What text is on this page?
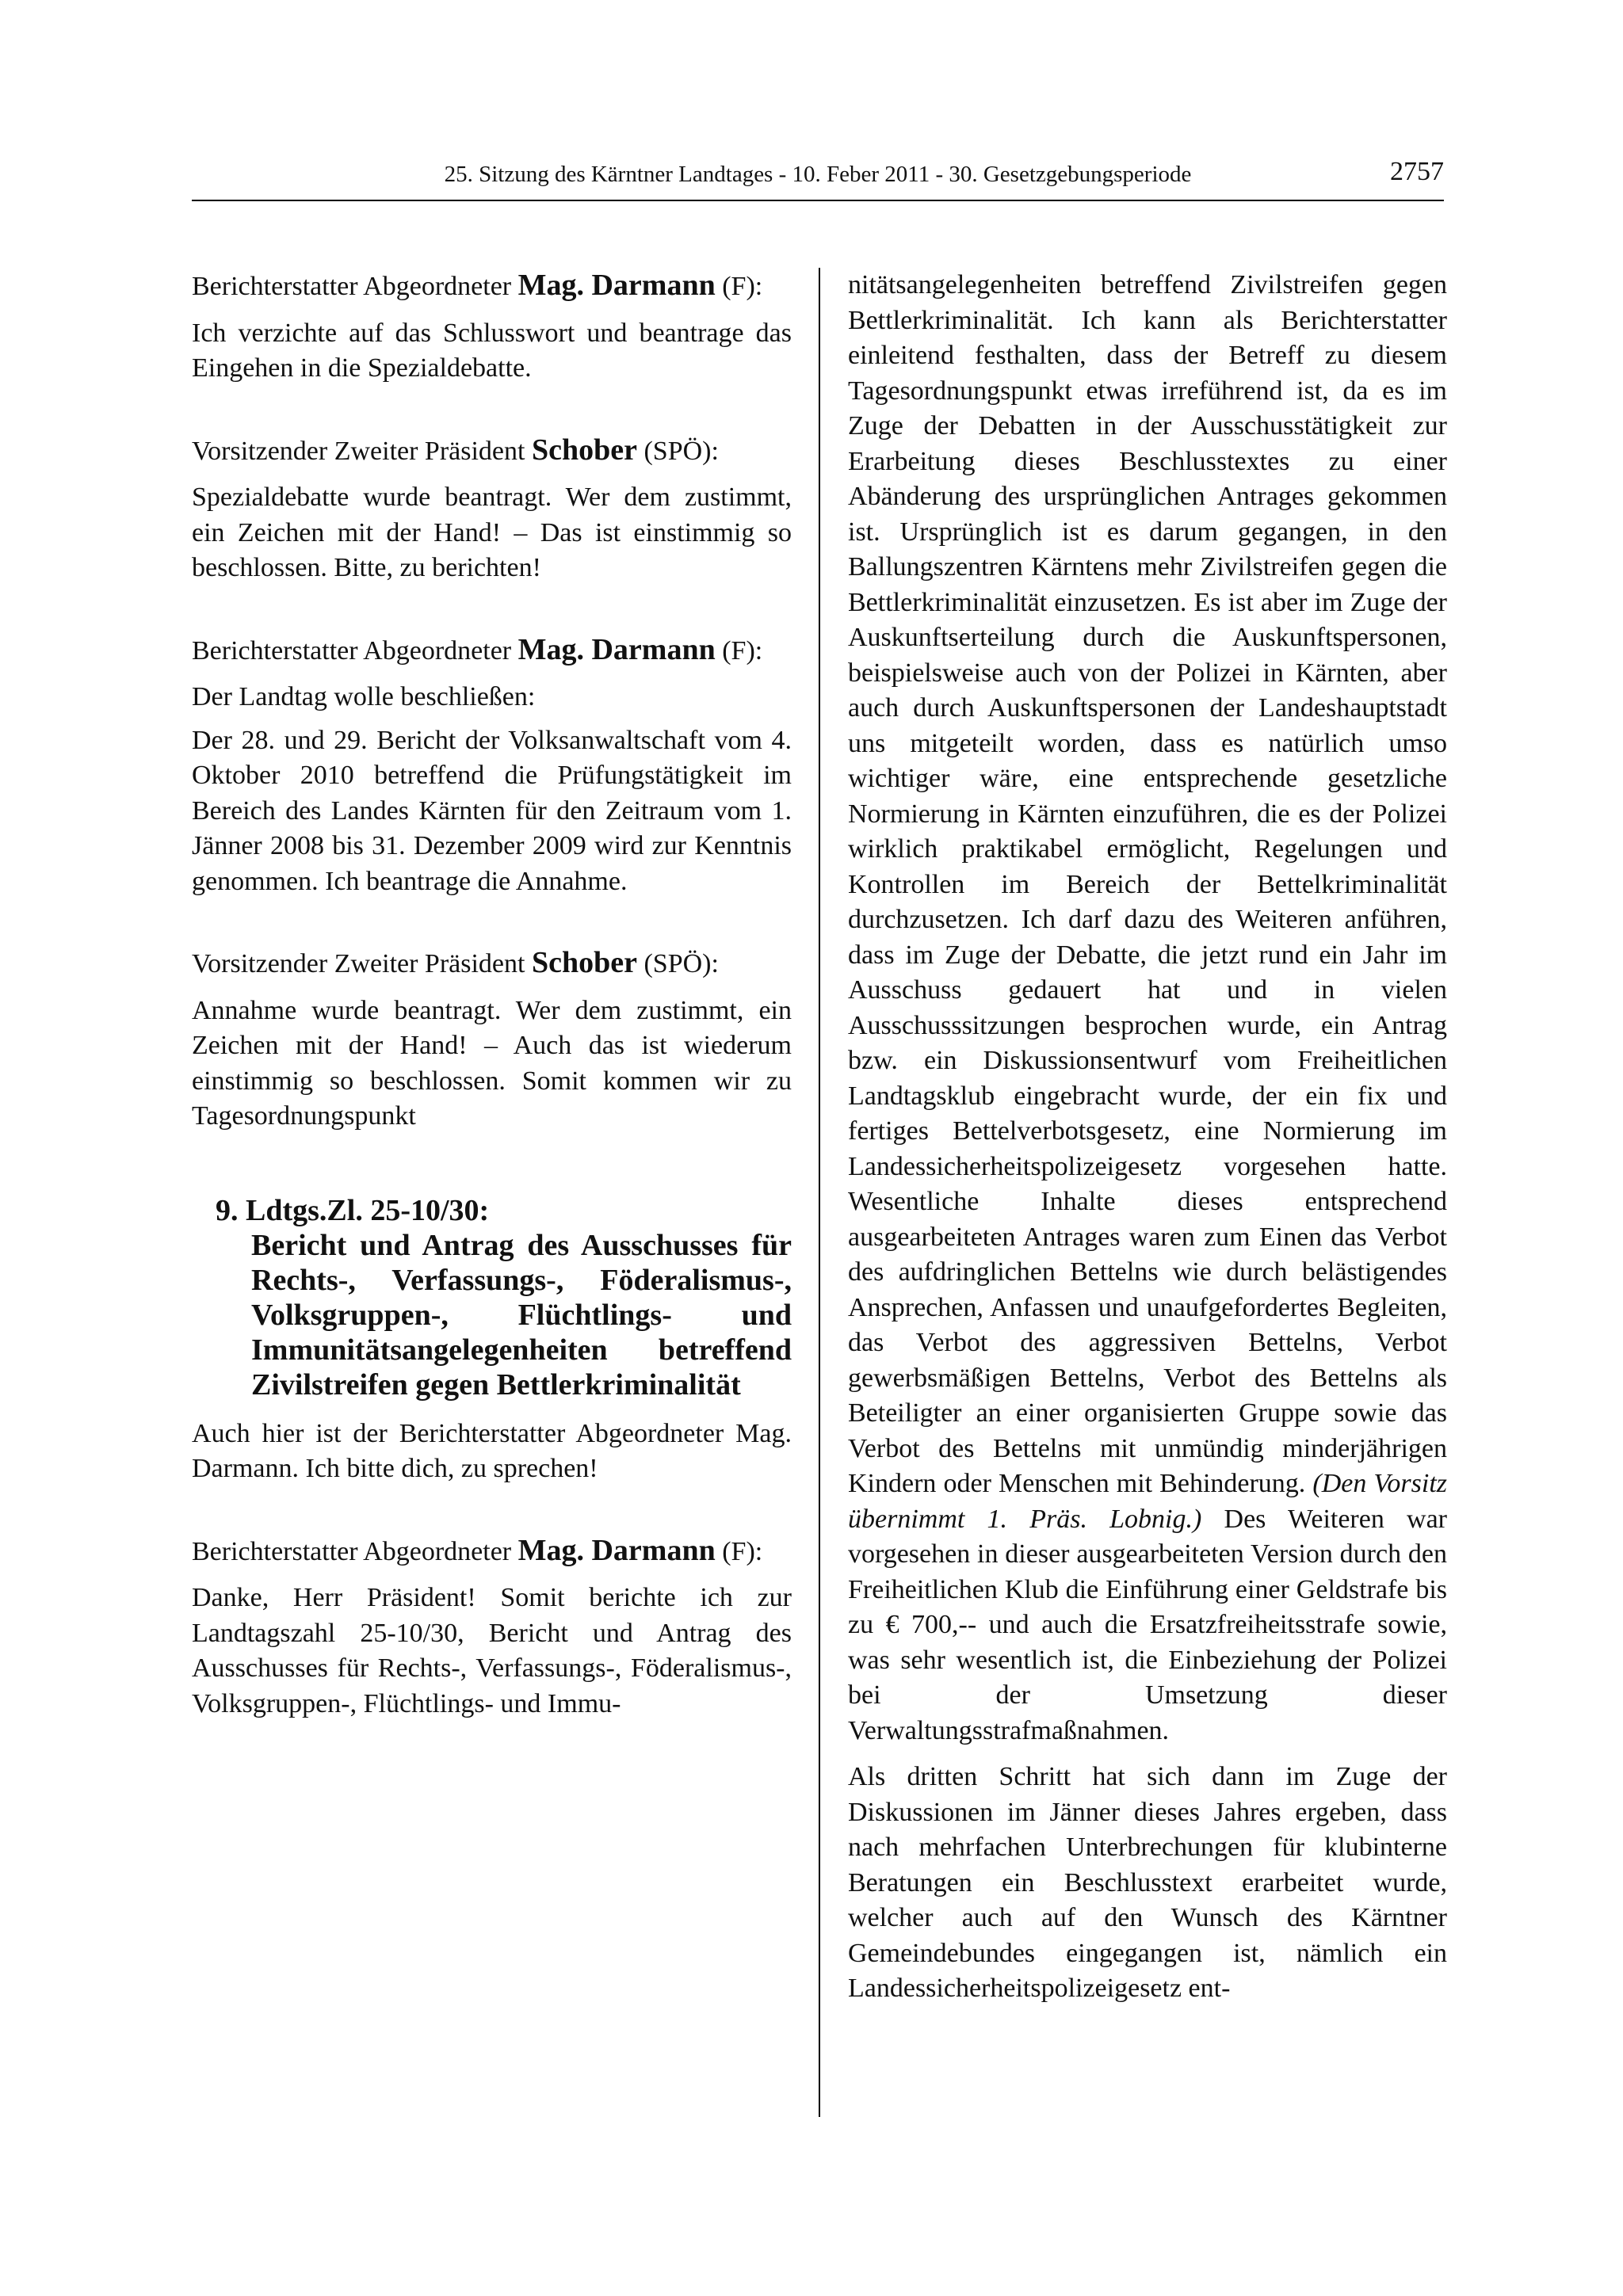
25. Sitzung des Kärntner Landtages - 10. Feber 2011 - 30. Gesetzgebungsperiode	2757

Berichterstatter Abgeordneter Mag. Darmann (F):

Ich verzichte auf das Schlusswort und beantrage das Eingehen in die Spezialdebatte.

Vorsitzender Zweiter Präsident Schober (SPÖ):

Spezialdebatte wurde beantragt. Wer dem zustimmt, ein Zeichen mit der Hand! – Das ist einstimmig so beschlossen. Bitte, zu berichten!

Berichterstatter Abgeordneter Mag. Darmann (F):

Der Landtag wolle beschließen:

Der 28. und 29. Bericht der Volksanwaltschaft vom 4. Oktober 2010 betreffend die Prüfungstätigkeit im Bereich des Landes Kärnten für den Zeitraum vom 1. Jänner 2008 bis 31. Dezember 2009 wird zur Kenntnis genommen. Ich beantrage die Annahme.

Vorsitzender Zweiter Präsident Schober (SPÖ):

Annahme wurde beantragt. Wer dem zustimmt, ein Zeichen mit der Hand! – Auch das ist wiederum einstimmig so beschlossen. Somit kommen wir zu Tagesordnungspunkt

9. Ldtgs.Zl. 25-10/30:
Bericht und Antrag des Ausschusses für Rechts-, Verfassungs-, Föderalismus-, Volksgruppen-, Flüchtlings- und Immunitätsangelegenheiten betreffend Zivilstreifen gegen Bettlerkriminalität

Auch hier ist der Berichterstatter Abgeordneter Mag. Darmann. Ich bitte dich, zu sprechen!

Berichterstatter Abgeordneter Mag. Darmann (F):

Danke, Herr Präsident! Somit berichte ich zur Landtagszahl 25-10/30, Bericht und Antrag des Ausschusses für Rechts-, Verfassungs-, Föderalismus-, Volksgruppen-, Flüchtlings- und Immu-

nitätsangelegenheiten betreffend Zivilstreifen gegen Bettlerkriminalität. Ich kann als Berichterstatter einleitend festhalten, dass der Betreff zu diesem Tagesordnungspunkt etwas irreführend ist, da es im Zuge der Debatten in der Ausschusstätigkeit zur Erarbeitung dieses Beschlusstextes zu einer Abänderung des ursprünglichen Antrages gekommen ist. Ursprünglich ist es darum gegangen, in den Ballungszentren Kärntens mehr Zivilstreifen gegen die Bettlerkriminalität einzusetzen. Es ist aber im Zuge der Auskunftserteilung durch die Auskunftspersonen, beispielsweise auch von der Polizei in Kärnten, aber auch durch Auskunftspersonen der Landeshauptstadt uns mitgeteilt worden, dass es natürlich umso wichtiger wäre, eine entsprechende gesetzliche Normierung in Kärnten einzuführen, die es der Polizei wirklich praktikabel ermöglicht, Regelungen und Kontrollen im Bereich der Bettelkriminalität durchzusetzen. Ich darf dazu des Weiteren anführen, dass im Zuge der Debatte, die jetzt rund ein Jahr im Ausschuss gedauert hat und in vielen Ausschusssitzungen besprochen wurde, ein Antrag bzw. ein Diskussionsentwurf vom Freiheitlichen Landtagsklub eingebracht wurde, der ein fix und fertiges Bettelverbotsgesetz, eine Normierung im Landessicherheitspolizeigesetz vorgesehen hatte. Wesentliche Inhalte dieses entsprechend ausgearbeiteten Antrages waren zum Einen das Verbot des aufdringlichen Bettelns wie durch belästigendes Ansprechen, Anfassen und unaufgefordertes Begleiten, das Verbot des aggressiven Bettelns, Verbot gewerbsmäßigen Bettelns, Verbot des Bettelns als Beteiligter an einer organisierten Gruppe sowie das Verbot des Bettelns mit unmündig minderjährigen Kindern oder Menschen mit Behinderung. (Den Vorsitz übernimmt 1. Präs. Lobnig.) Des Weiteren war vorgesehen in dieser ausgearbeiteten Version durch den Freiheitlichen Klub die Einführung einer Geldstrafe bis zu € 700,-- und auch die Ersatzfreiheitsstrafe sowie, was sehr wesentlich ist, die Einbeziehung der Polizei bei der Umsetzung dieser Verwaltungsstrafmaßnahmen.

Als dritten Schritt hat sich dann im Zuge der Diskussionen im Jänner dieses Jahres ergeben, dass nach mehrfachen Unterbrechungen für klubinterne Beratungen ein Beschlusstext erarbeitet wurde, welcher auch auf den Wunsch des Kärntner Gemeindebundes eingegangen ist, nämlich ein Landessicherheitspolizeigesetz ent-
